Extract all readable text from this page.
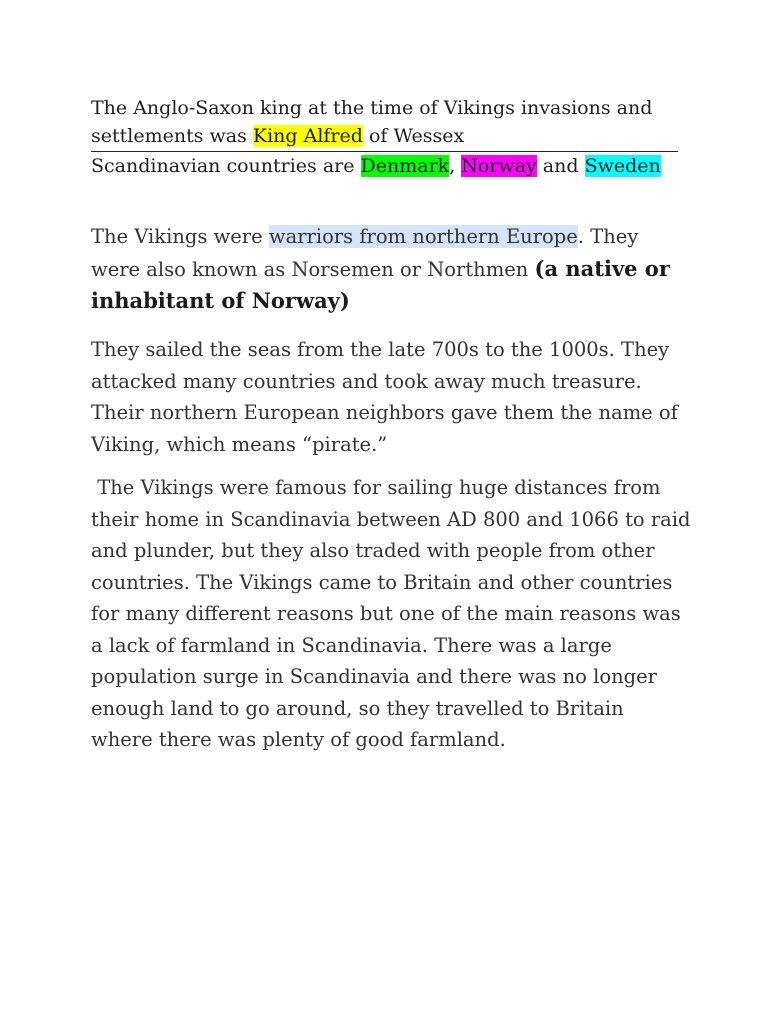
The Anglo-Saxon king at the time of Vikings invasions and settlements was King Alfred of Wessex

Scandinavian countries are Denmark, Norway and Sweden

The Vikings were warriors from northern Europe. They were also known as Norsemen or Northmen (a native or inhabitant of Norway)

They sailed the seas from the late 700s to the 1000s. They attacked many countries and took away much treasure. Their northern European neighbors gave them the name of Viking, which means “pirate.”

The Vikings were famous for sailing huge distances from their home in Scandinavia between AD 800 and 1066 to raid and plunder, but they also traded with people from other countries. The Vikings came to Britain and other countries for many different reasons but one of the main reasons was a lack of farmland in Scandinavia. There was a large population surge in Scandinavia and there was no longer enough land to go around, so they travelled to Britain where there was plenty of good farmland.
